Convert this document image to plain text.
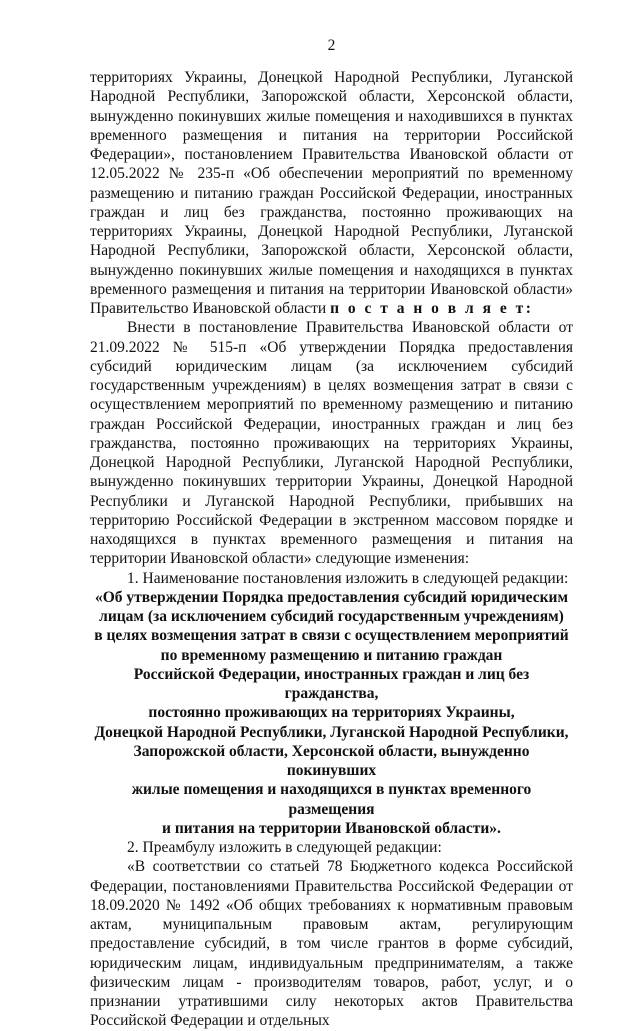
2

территориях Украины, Донецкой Народной Республики, Луганской Народной Республики, Запорожской области, Херсонской области, вынужденно покинувших жилые помещения и находившихся в пунктах временного размещения и питания на территории Российской Федерации», постановлением Правительства Ивановской области от 12.05.2022 № 235-п «Об обеспечении мероприятий по временному размещению и питанию граждан Российской Федерации, иностранных граждан и лиц без гражданства, постоянно проживающих на территориях Украины, Донецкой Народной Республики, Луганской Народной Республики, Запорожской области, Херсонской области, вынужденно покинувших жилые помещения и находящихся в пунктах временного размещения и питания на территории Ивановской области» Правительство Ивановской области п о с т а н о в л я е т:

Внести в постановление Правительства Ивановской области от 21.09.2022 № 515-п «Об утверждении Порядка предоставления субсидий юридическим лицам (за исключением субсидий государственным учреждениям) в целях возмещения затрат в связи с осуществлением мероприятий по временному размещению и питанию граждан Российской Федерации, иностранных граждан и лиц без гражданства, постоянно проживающих на территориях Украины, Донецкой Народной Республики, Луганской Народной Республики, вынужденно покинувших территории Украины, Донецкой Народной Республики и Луганской Народной Республики, прибывших на территорию Российской Федерации в экстренном массовом порядке и находящихся в пунктах временного размещения и питания на территории Ивановской области» следующие изменения:

1. Наименование постановления изложить в следующей редакции:

«Об утверждении Порядка предоставления субсидий юридическим

лицам (за исключением субсидий государственным учреждениям)

в целях возмещения затрат в связи с осуществлением мероприятий

по временному размещению и питанию граждан

Российской Федерации, иностранных граждан и лиц без гражданства,

постоянно проживающих на территориях Украины,

Донецкой Народной Республики, Луганской Народной Республики,

Запорожской области, Херсонской области, вынужденно покинувших

жилые помещения и находящихся в пунктах временного размещения

и питания на территории Ивановской области».

2. Преамбулу изложить в следующей редакции:

«В соответствии со статьей 78 Бюджетного кодекса Российской Федерации, постановлениями Правительства Российской Федерации от 18.09.2020 № 1492 «Об общих требованиях к нормативным правовым актам, муниципальным правовым актам, регулирующим предоставление субсидий, в том числе грантов в форме субсидий, юридическим лицам, индивидуальным предпринимателям, а также физическим лицам - производителям товаров, работ, услуг, и о признании утратившими силу некоторых актов Правительства Российской Федерации и отдельных
